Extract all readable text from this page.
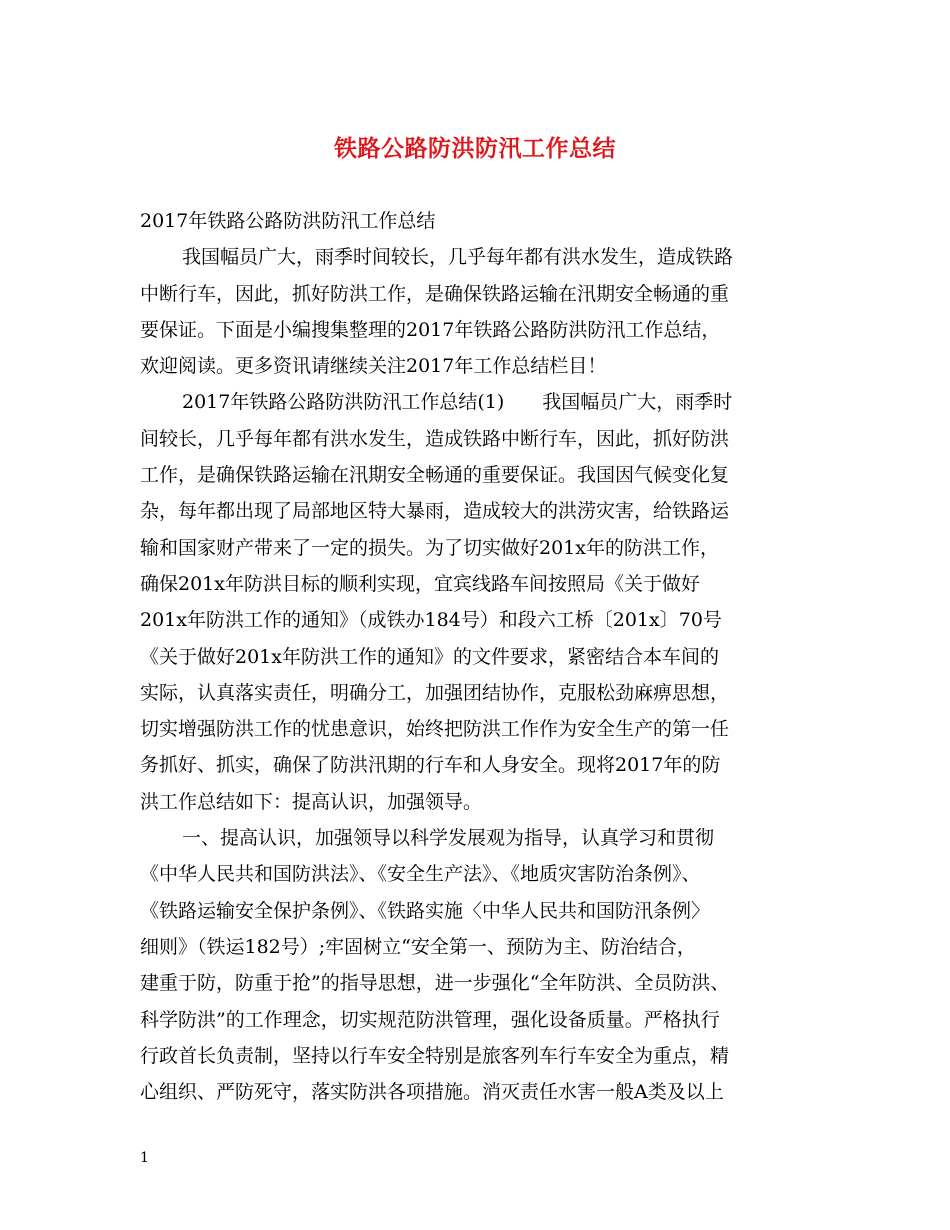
铁路公路防洪防汛工作总结
2017年铁路公路防洪防汛工作总结
我国幅员广大，雨季时间较长，几乎每年都有洪水发生，造成铁路
中断行车，因此，抓好防洪工作，是确保铁路运输在汛期安全畅通的重
要保证。下面是小编搜集整理的2017年铁路公路防洪防汛工作总结，
欢迎阅读。更多资讯请继续关注2017年工作总结栏目！
2017年铁路公路防洪防汛工作总结(1)　　我国幅员广大，雨季时
间较长，几乎每年都有洪水发生，造成铁路中断行车，因此，抓好防洪
工作，是确保铁路运输在汛期安全畅通的重要保证。我国因气候变化复
杂，每年都出现了局部地区特大暴雨，造成较大的洪涝灾害，给铁路运
输和国家财产带来了一定的损失。为了切实做好201x年的防洪工作，
确保201x年防洪目标的顺利实现，宜宾线路车间按照局《关于做好
201x年防洪工作的通知》（成铁办184号）和段六工桥〔201x〕70号
《关于做好201x年防洪工作的通知》的文件要求，紧密结合本车间的
实际，认真落实责任，明确分工，加强团结协作，克服松劲麻痹思想，
切实增强防洪工作的忧患意识，始终把防洪工作作为安全生产的第一任
务抓好、抓实，确保了防洪汛期的行车和人身安全。现将2017年的防
洪工作总结如下：提高认识，加强领导。
一、提高认识，加强领导以科学发展观为指导，认真学习和贯彻
《中华人民共和国防洪法》、《安全生产法》、《地质灾害防治条例》、
《铁路运输安全保护条例》、《铁路实施〈中华人民共和国防汛条例〉
细则》（铁运182号）;牢固树立“安全第一、预防为主、防治结合，
建重于防，防重于抢”的指导思想，进一步强化“全年防洪、全员防洪、
科学防洪”的工作理念，切实规范防洪管理，强化设备质量。严格执行
行政首长负责制，坚持以行车安全特别是旅客列车行车安全为重点，精
心组织、严防死守，落实防洪各项措施。消灭责任水害一般A类及以上
1
